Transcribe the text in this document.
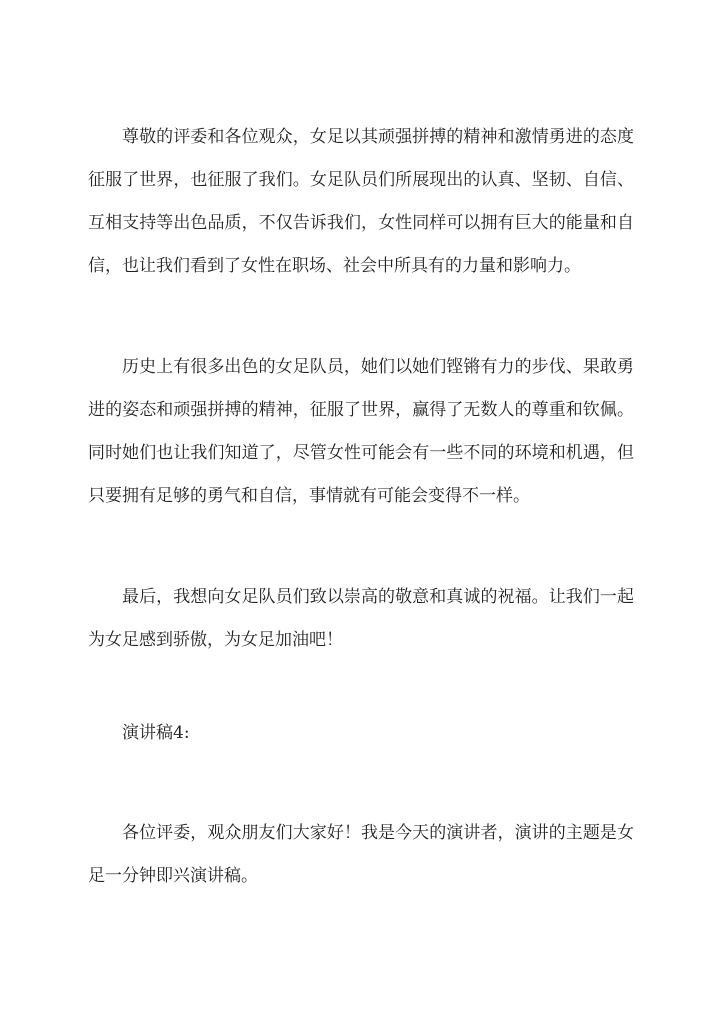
尊敬的评委和各位观众，女足以其顽强拼搏的精神和激情勇进的态度征服了世界，也征服了我们。女足队员们所展现出的认真、坚韧、自信、互相支持等出色品质，不仅告诉我们，女性同样可以拥有巨大的能量和自信，也让我们看到了女性在职场、社会中所具有的力量和影响力。

历史上有很多出色的女足队员，她们以她们铿锵有力的步伐、果敢勇进的姿态和顽强拼搏的精神，征服了世界，赢得了无数人的尊重和钦佩。同时她们也让我们知道了，尽管女性可能会有一些不同的环境和机遇，但只要拥有足够的勇气和自信，事情就有可能会变得不一样。

最后，我想向女足队员们致以崇高的敬意和真诚的祝福。让我们一起为女足感到骄傲，为女足加油吧！

演讲稿4:

各位评委，观众朋友们大家好！我是今天的演讲者，演讲的主题是女足一分钟即兴演讲稿。
